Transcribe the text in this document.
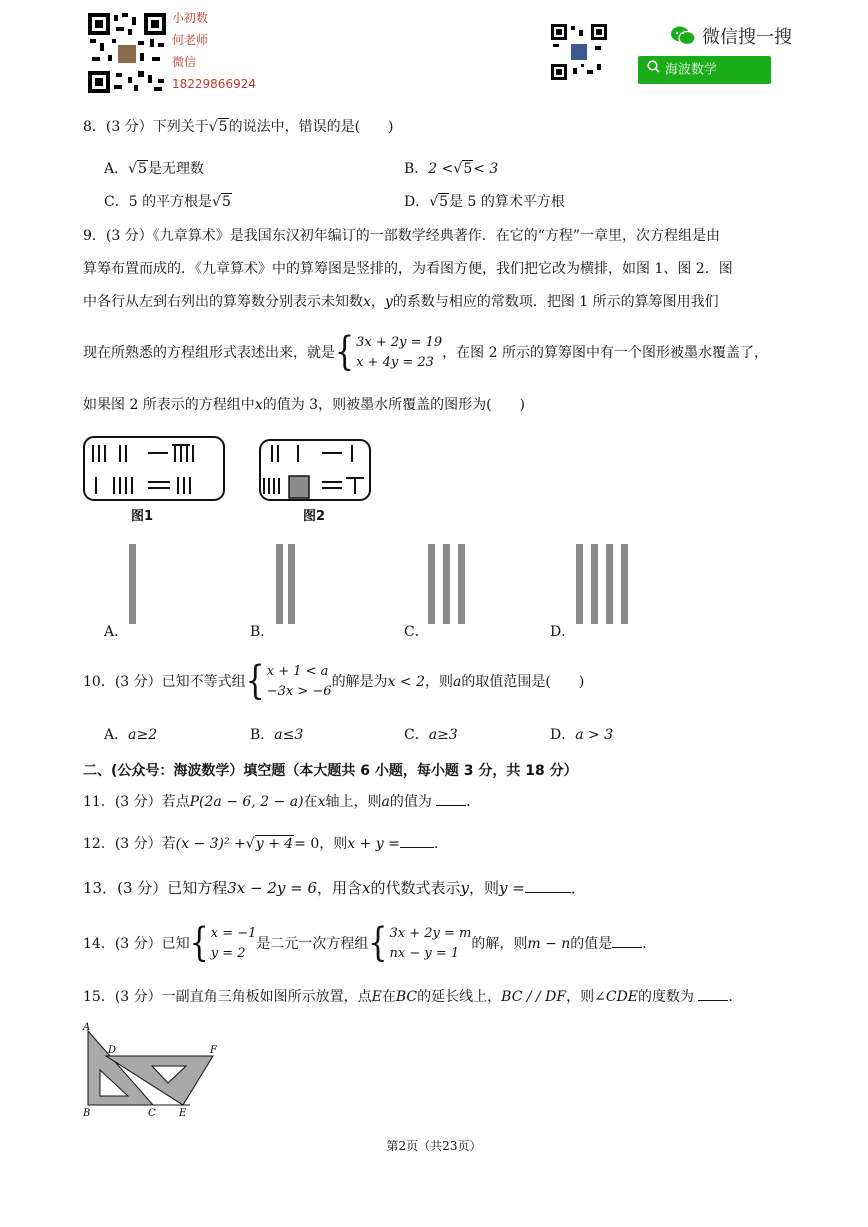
小初数
何老师
微信
18229866924
微信搜一搜
海波数学
8．(3 分）下列关于√5的说法中，错误的是(　　)
A．√5是无理数	B．2 <√5< 3
C．5 的平方根是√5	D．√5是 5 的算术平方根
9．(3 分）《九章算术》是我国东汉初年编订的一部数学经典著作．在它的“方程”一章里，次方程组是由
算筹布置而成的．《九章算术》中的算筹图是竖排的，为看图方便，我们把它改为横排，如图 1、图 2．图
中各行从左到右列出的算筹数分别表示未知数x，y的系数与相应的常数项．把图 1 所示的算筹图用我们
现在所熟悉的方程组形式表述出来，就是{ 3x + 2y = 19
x + 4y = 23，在图 2 所示的算筹图中有一个图形被墨水覆盖了，
如果图 2 所表示的方程组中x的值为 3，则被墨水所覆盖的图形为(　　)
图1	图2
A．	B．	C．	D．
10．(3 分）已知不等式组{ x + 1 < a
−3x > −6的解是为x < 2，则a的取值范围是(　　)
A．a≥2	B．a≤3	C．a≥3	D．a > 3
二、(公众号：海波数学）填空题（本大题共 6 小题，每小题 3 分，共 18 分）
11．(3 分）若点P(2a − 6, 2 − a)在x轴上，则a的值为 ．
12．(3 分）若(x − 3)² +√y + 4= 0，则x + y = ．
13．(3 分）已知方程3x − 2y = 6，用含x的代数式表示y，则y =	．
14．(3 分）已知{ x = −1
y = 2是二元一次方程组{ 3x + 2y = m
nx − y = 1的解，则m − n的值是 ．
15．(3 分）一副直角三角板如图所示放置，点E在BC的延长线上，BC / / DF，则∠CDE的度数为 ．
A
D	F
B	C E
第2页（共23页）
